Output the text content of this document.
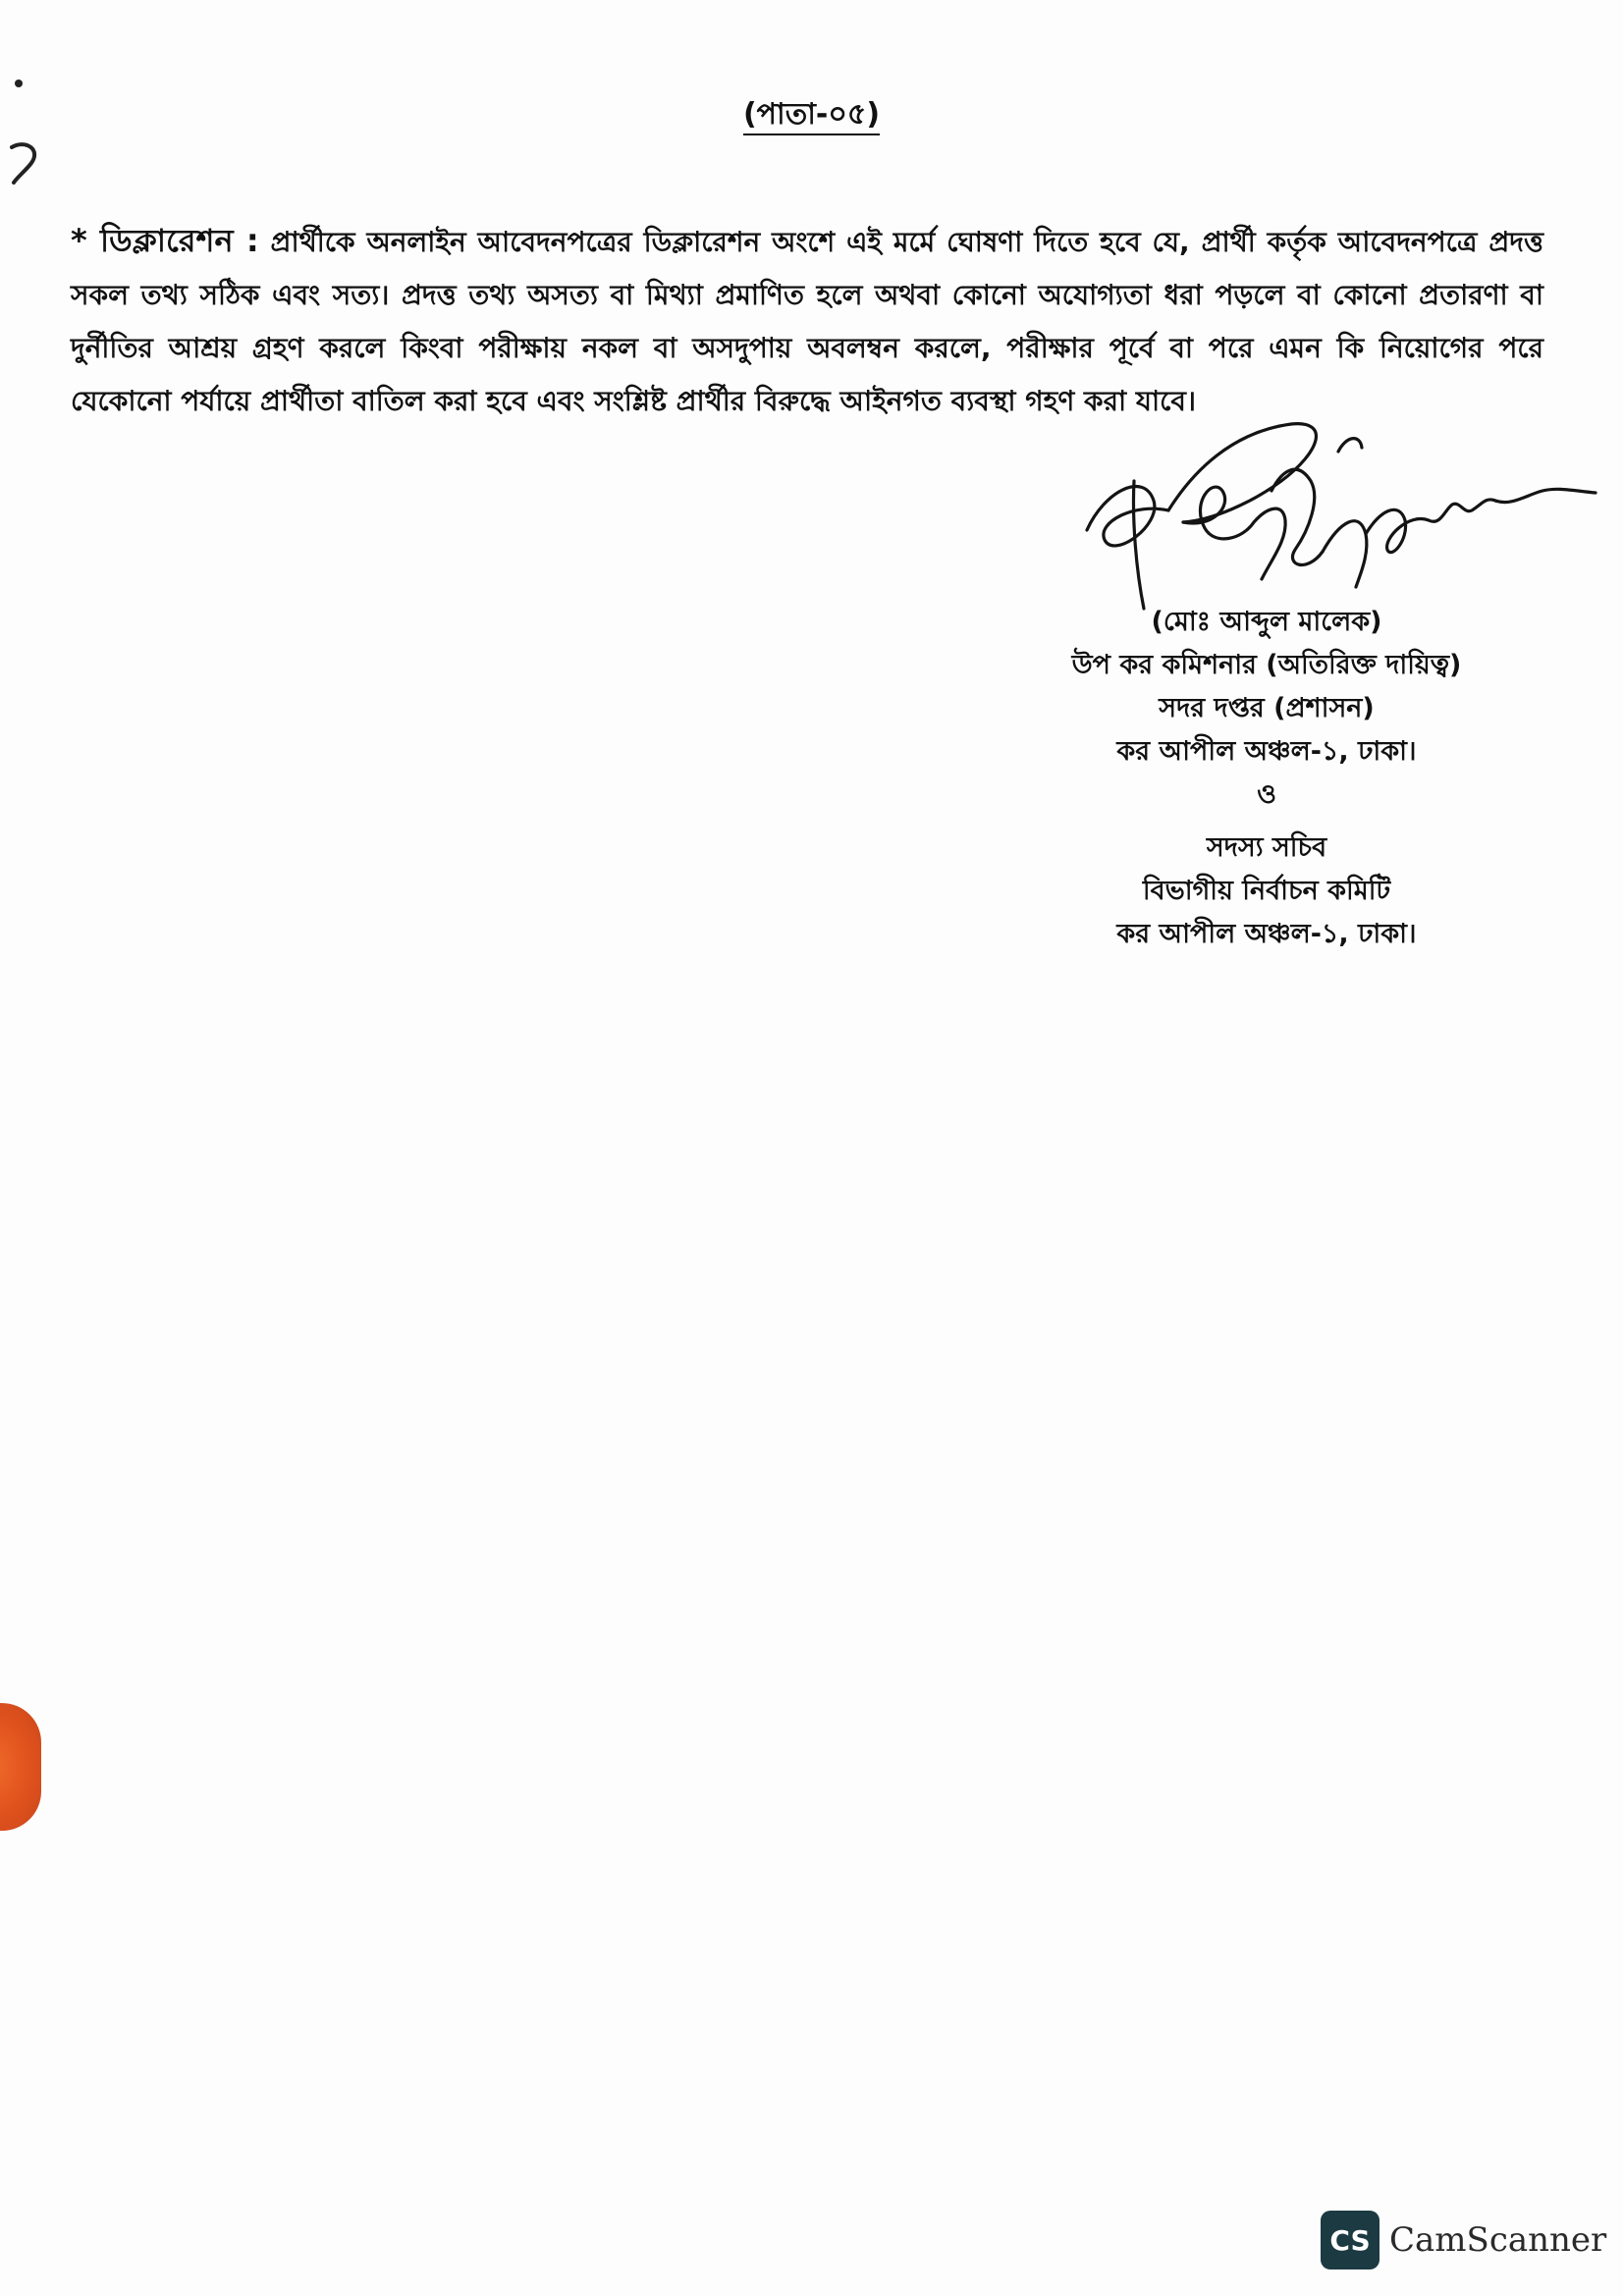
(পাতা-০৫)
* ডিক্লারেশন : প্রার্থীকে অনলাইন আবেদনপত্রের ডিক্লারেশন অংশে এই মর্মে ঘোষণা দিতে হবে যে, প্রার্থী কর্তৃক আবেদনপত্রে প্রদত্ত সকল তথ্য সঠিক এবং সত্য। প্রদত্ত তথ্য অসত্য বা মিথ্যা প্রমাণিত হলে অথবা কোনো অযোগ্যতা ধরা পড়লে বা কোনো প্রতারণা বা দুর্নীতির আশ্রয় গ্রহণ করলে কিংবা পরীক্ষায় নকল বা অসদুপায় অবলম্বন করলে, পরীক্ষার পূর্বে বা পরে এমন কি নিয়োগের পরে যেকোনো পর্যায়ে প্রার্থীতা বাতিল করা হবে এবং সংশ্লিষ্ট প্রার্থীর বিরুদ্ধে আইনগত ব্যবস্থা গহণ করা যাবে।
(মোঃ আব্দুল মালেক)
উপ কর কমিশনার (অতিরিক্ত দায়িত্ব)
সদর দপ্তর (প্রশাসন)
কর আপীল অঞ্চল-১, ঢাকা।
ও
সদস্য সচিব
বিভাগীয় নির্বাচন কমিটি
কর আপীল অঞ্চল-১, ঢাকা।
CS CamScanner
